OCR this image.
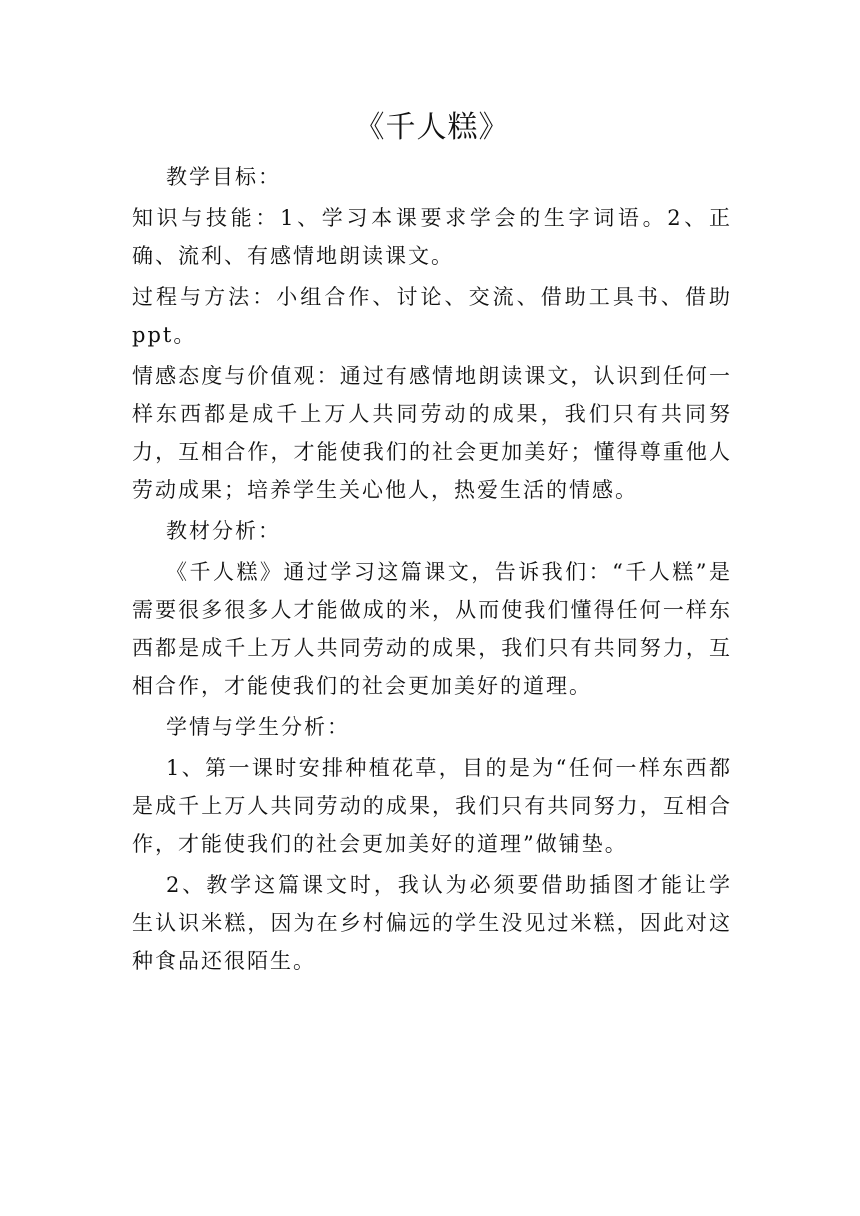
《千人糕》

教学目标：

知识与技能：1、学习本课要求学会的生字词语。2、正确、流利、有感情地朗读课文。

过程与方法：小组合作、讨论、交流、借助工具书、借助ppt。

情感态度与价值观：通过有感情地朗读课文，认识到任何一样东西都是成千上万人共同劳动的成果，我们只有共同努力，互相合作，才能使我们的社会更加美好；懂得尊重他人劳动成果；培养学生关心他人，热爱生活的情感。

教材分析：

《千人糕》通过学习这篇课文，告诉我们：“千人糕”是需要很多很多人才能做成的米，从而使我们懂得任何一样东西都是成千上万人共同劳动的成果，我们只有共同努力，互相合作，才能使我们的社会更加美好的道理。

学情与学生分析：

1、第一课时安排种植花草，目的是为“任何一样东西都是成千上万人共同劳动的成果，我们只有共同努力，互相合作，才能使我们的社会更加美好的道理”做铺垫。

2、教学这篇课文时，我认为必须要借助插图才能让学生认识米糕，因为在乡村偏远的学生没见过米糕，因此对这种食品还很陌生。
